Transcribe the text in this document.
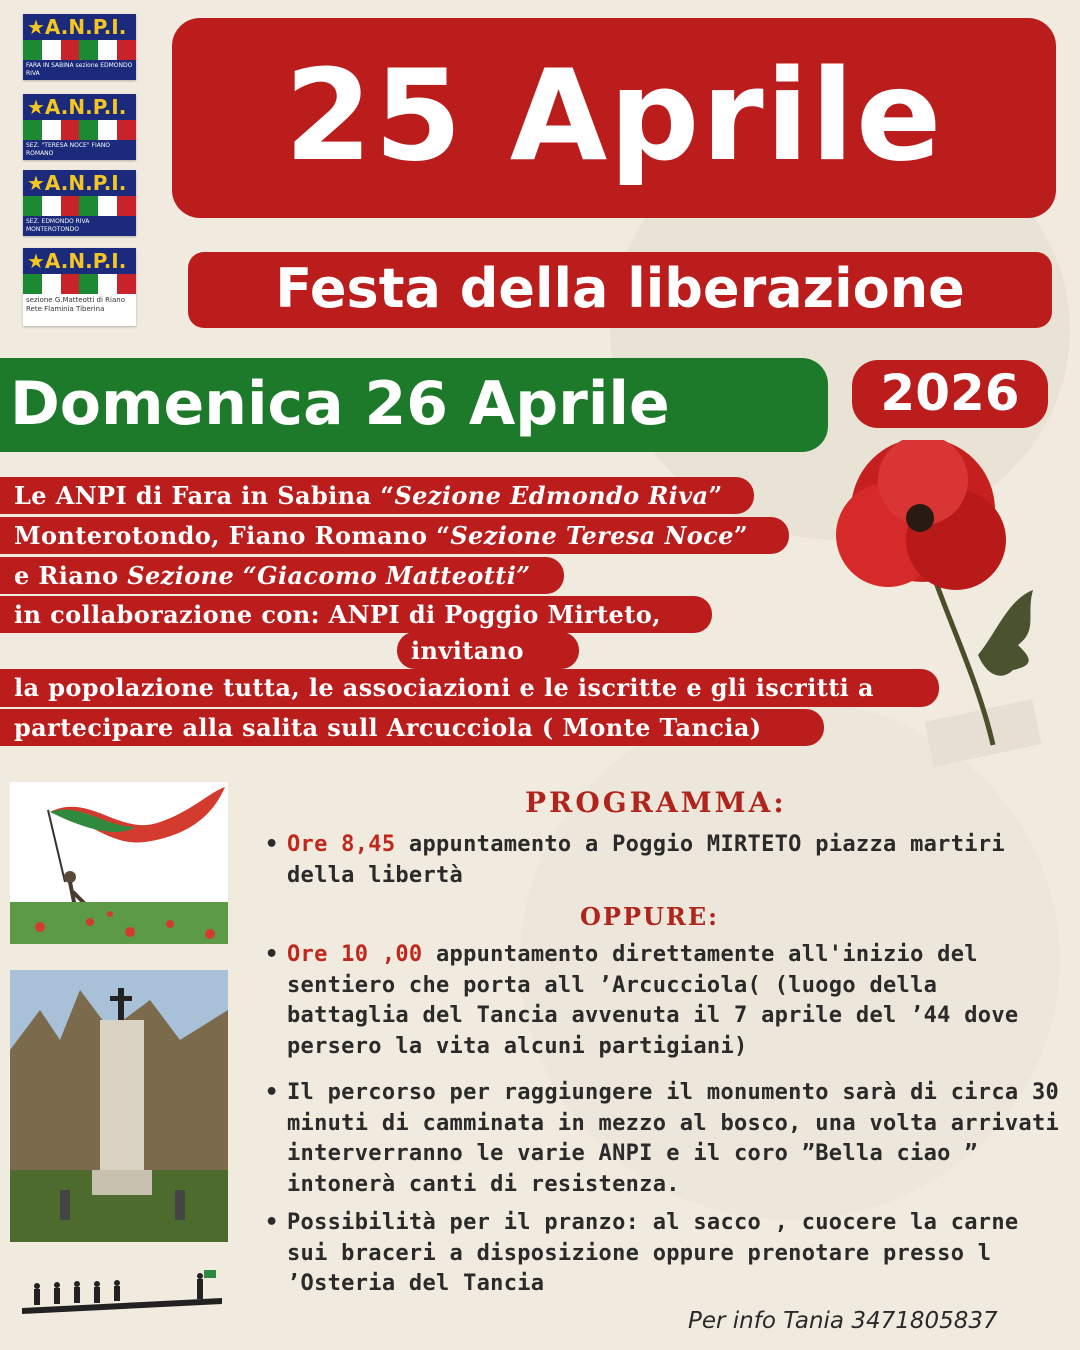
★A.N.P.I.
FARA IN SABINA sezione EDMONDO RIVA
★A.N.P.I.
SEZ. "TERESA NOCE" FIANO ROMANO
★A.N.P.I.
SEZ. EDMONDO RIVA MONTEROTONDO
★A.N.P.I.
sezione G.Matteotti di Riano Rete Flaminia Tiberina
25 Aprile
Festa della liberazione
Domenica 26 Aprile	2026
Le ANPI di Fara in Sabina “Sezione Edmondo Riva”
Monterotondo, Fiano Romano “Sezione Teresa Noce”
e Riano Sezione “Giacomo Matteotti”
in collaborazione con: ANPI di Poggio Mirteto,
invitano
la popolazione tutta, le associazioni e le iscritte e gli iscritti a
partecipare alla salita sull Arcucciola ( Monte Tancia)
PROGRAMMA:
• Ore 8,45 appuntamento a Poggio MIRTETO piazza martiri della libertà
OPPURE:
• Ore 10 ,00 appuntamento direttamente all'inizio del sentiero che porta all ’Arcucciola( (luogo della battaglia del Tancia avvenuta il 7 aprile del ’44 dove persero la vita alcuni partigiani)
• Il percorso per raggiungere il monumento sarà di circa 30 minuti di camminata in mezzo al bosco, una volta arrivati interverranno le varie ANPI e il coro ”Bella ciao ” intonerà canti di resistenza.
• Possibilità per il pranzo: al sacco , cuocere la carne sui braceri a disposizione oppure prenotare presso l ’Osteria del Tancia
Per info Tania 3471805837
